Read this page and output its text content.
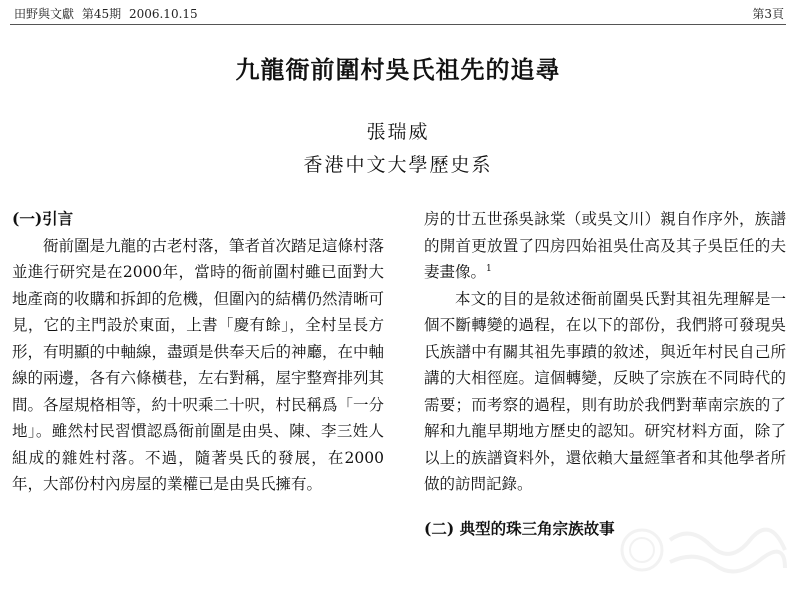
田野與文獻 第45期 2006.10.15	第3頁
九龍衙前圍村吳氏祖先的追尋
張瑞威
香港中文大學歷史系

(一)引言

衙前圍是九龍的古老村落，筆者首次踏足這條村落並進行研究是在2000年，當時的衙前圍村雖已面對大地產商的收購和拆卸的危機，但圍內的結構仍然清晰可見，它的主門設於東面，上書「慶有餘」，全村呈長方形，有明顯的中軸線，盡頭是供奉天后的神廳，在中軸線的兩邊，各有六條橫巷，左右對稱，屋宇整齊排列其間。各屋規格相等，約十呎乘二十呎，村民稱爲「一分地」。雖然村民習慣認爲衙前圍是由吳、陳、李三姓人組成的雜姓村落。不過，隨著吳氏的發展，在2000年，大部份村內房屋的業權已是由吳氏擁有。

房的廿五世孫吳詠棠（或吳文川）親自作序外，族譜的開首更放置了四房四始祖吳仕高及其子吳臣任的夫妻畫像。$^1$

本文的目的是敘述衙前圍吳氏對其祖先理解是一個不斷轉變的過程，在以下的部份，我們將可發現吳氏族譜中有關其祖先事蹟的敘述，與近年村民自己所講的大相徑庭。這個轉變，反映了宗族在不同時代的需要；而考察的過程，則有助於我們對華南宗族的了解和九龍早期地方歷史的認知。研究材料方面，除了以上的族譜資料外，還依賴大量經筆者和其他學者所做的訪問記錄。

(二) 典型的珠三角宗族故事
